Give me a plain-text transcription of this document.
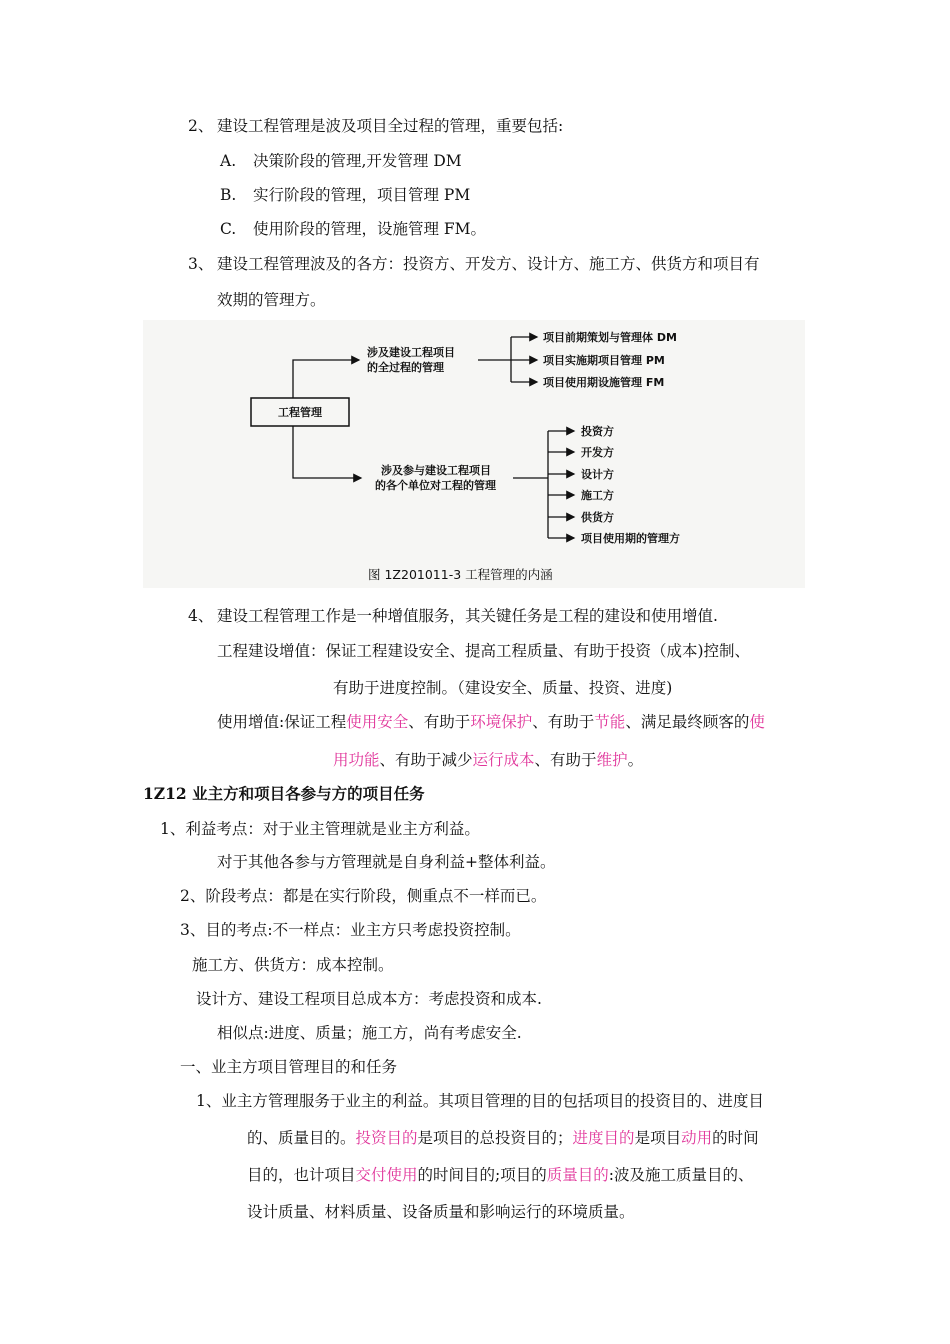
2、 建设工程管理是波及项目全过程的管理，重要包括:
A. 决策阶段的管理,开发管理 DM
B. 实行阶段的管理，项目管理 PM
C. 使用阶段的管理，设施管理 FM。
3、 建设工程管理波及的各方：投资方、开发方、设计方、施工方、供货方和项目有
效期的管理方。
工程管理
涉及建设工程项目
的全过程的管理
项目前期策划与管理体 DM
项目实施期项目管理 PM
项目使用期设施管理 FM
涉及参与建设工程项目
的各个单位对工程的管理
投资方
开发方
设计方
施工方
供货方
项目使用期的管理方
图 1Z201011-3 工程管理的内涵
4、 建设工程管理工作是一种增值服务，其关键任务是工程的建设和使用增值.
工程建设增值：保证工程建设安全、提高工程质量、有助于投资（成本)控制、
有助于进度控制。（建设安全、质量、投资、进度)
使用增值:保证工程使用安全、有助于环境保护、有助于节能、满足最终顾客的使
用功能、有助于减少运行成本、有助于维护。
1Z12 业主方和项目各参与方的项目任务
1、利益考点：对于业主管理就是业主方利益。
对于其他各参与方管理就是自身利益+整体利益。
2、阶段考点：都是在实行阶段，侧重点不一样而已。
3、目的考点:不一样点：业主方只考虑投资控制。
施工方、供货方：成本控制。
设计方、建设工程项目总成本方：考虑投资和成本.
相似点:进度、质量；施工方，尚有考虑安全.
一、业主方项目管理目的和任务
1、业主方管理服务于业主的利益。其项目管理的目的包括项目的投资目的、进度目
的、质量目的。投资目的是项目的总投资目的；进度目的是项目动用的时间
目的，也计项目交付使用的时间目的;项目的质量目的:波及施工质量目的、
设计质量、材料质量、设备质量和影响运行的环境质量。
